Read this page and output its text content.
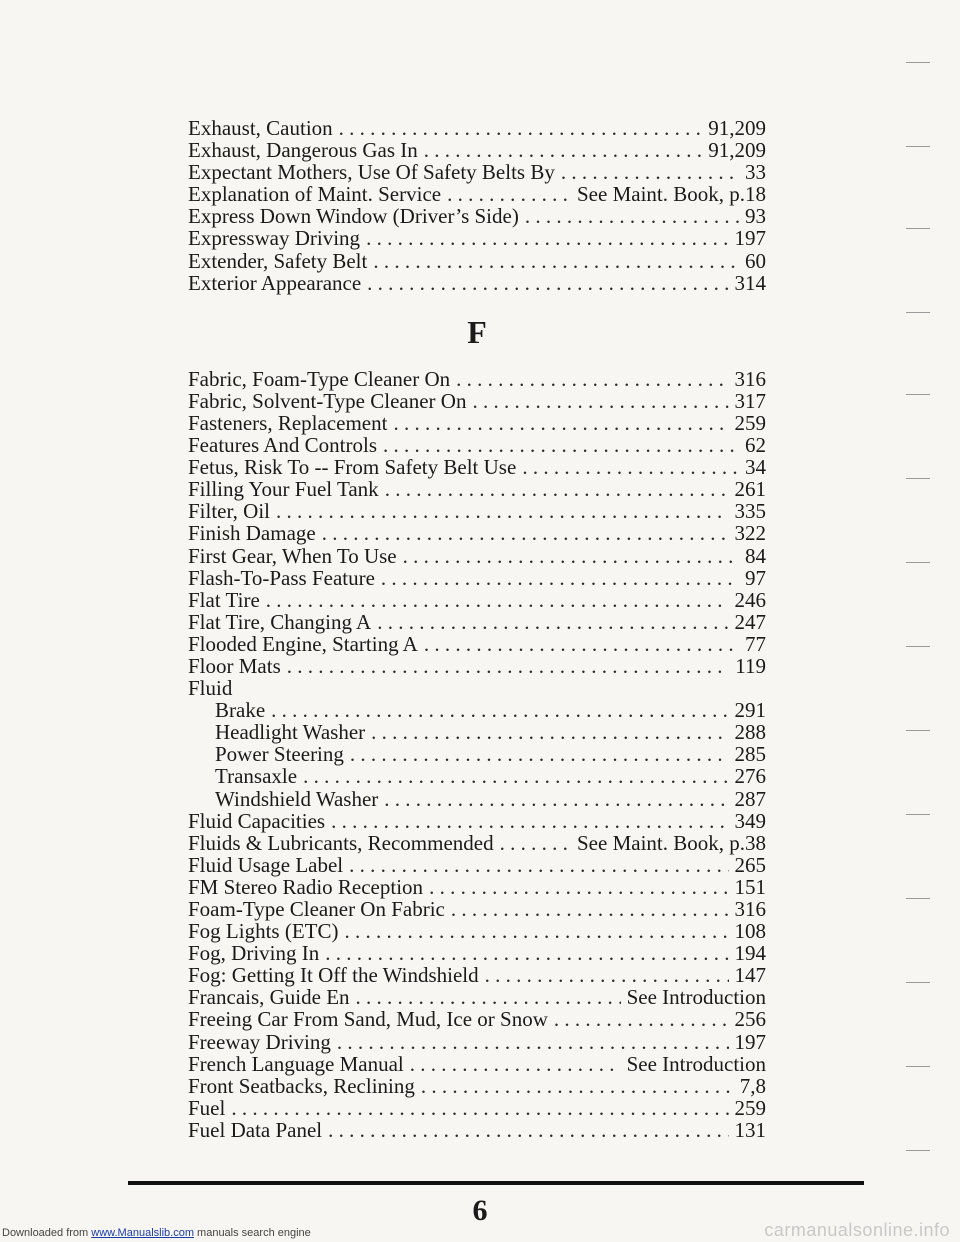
Exhaust, Caution . . .	91,209
Exhaust, Dangerous Gas In . . .	91,209
Expectant Mothers, Use Of Safety Belts By . . .	33
Explanation of Maint. Service . . .	See Maint. Book, p.18
Express Down Window (Driver’s Side) . . .	93
Expressway Driving . . .	197
Extender, Safety Belt . . .	60
Exterior Appearance . . .	314
F
Fabric, Foam-Type Cleaner On . . .	316
Fabric, Solvent-Type Cleaner On . . .	317
Fasteners, Replacement . . .	259
Features And Controls . . .	62
Fetus, Risk To -- From Safety Belt Use . . .	34
Filling Your Fuel Tank . . .	261
Filter, Oil . . .	335
Finish Damage . . .	322
First Gear, When To Use . . .	84
Flash-To-Pass Feature . . .	97
Flat Tire . . .	246
Flat Tire, Changing A . . .	247
Flooded Engine, Starting A . . .	77
Floor Mats . . .	119
Fluid
Brake . . .	291
Headlight Washer . . .	288
Power Steering . . .	285
Transaxle . . .	276
Windshield Washer . . .	287
Fluid Capacities . . .	349
Fluids & Lubricants, Recommended . . .	See Maint. Book, p.38
Fluid Usage Label . . .	265
FM Stereo Radio Reception . . .	151
Foam-Type Cleaner On Fabric . . .	316
Fog Lights (ETC) . . .	108
Fog, Driving In . . .	194
Fog: Getting It Off the Windshield . . .	147
Francais, Guide En . . .	See Introduction
Freeing Car From Sand, Mud, Ice or Snow . . .	256
Freeway Driving . . .	197
French Language Manual . . .	See Introduction
Front Seatbacks, Reclining . . .	7,8
Fuel . . .	259
Fuel Data Panel . . .	131
6
Downloaded from www.Manualslib.com manuals search engine	carmanualsonline.info
